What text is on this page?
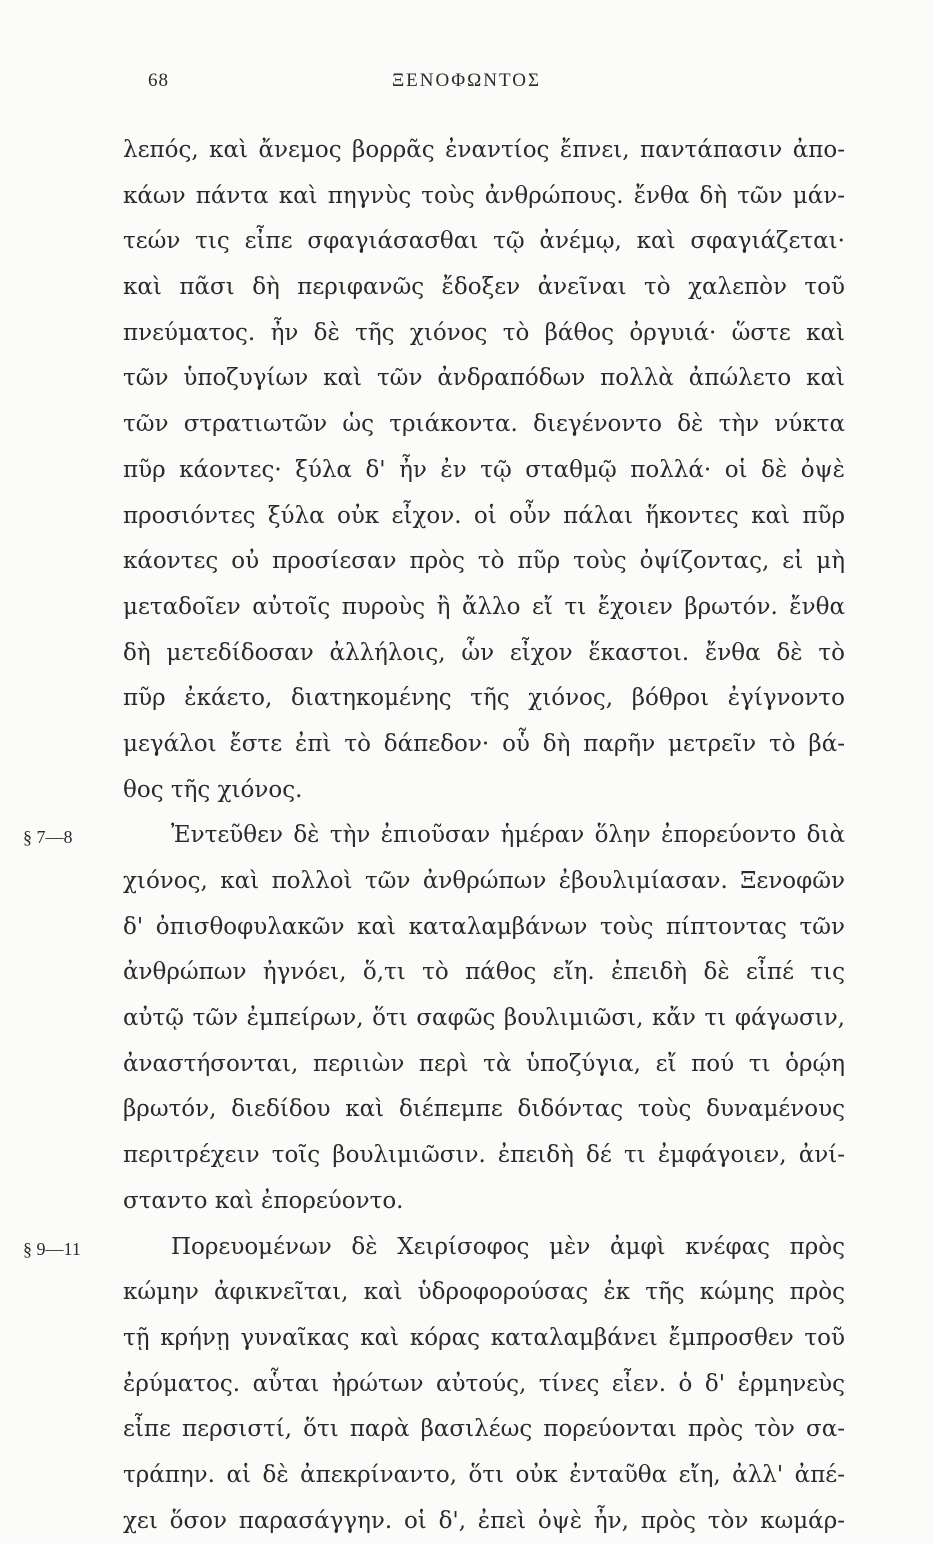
68	ΞΕΝΟΦΩΝΤΟΣ
λεπός, καὶ ἄνεμος βορρᾶς ἐναντίος ἔπνει, παντάπασιν ἀπο-
κάων πάντα καὶ πηγνὺς τοὺς ἀνθρώπους. ἔνθα δὴ τῶν μάν-
τεών τις εἶπε σφαγιάσασθαι τῷ ἀνέμῳ, καὶ σφαγιάζεται·
καὶ πᾶσι δὴ περιφανῶς ἔδοξεν ἀνεῖναι τὸ χαλεπὸν τοῦ
πνεύματος. ἦν δὲ τῆς χιόνος τὸ βάθος ὀργυιά· ὥστε καὶ
τῶν ὑποζυγίων καὶ τῶν ἀνδραπόδων πολλὰ ἀπώλετο καὶ
τῶν στρατιωτῶν ὡς τριάκοντα. διεγένοντο δὲ τὴν νύκτα
πῦρ κάοντες· ξύλα δ' ἦν ἐν τῷ σταθμῷ πολλά· οἱ δὲ ὀψὲ
προσιόντες ξύλα οὐκ εἶχον. οἱ οὖν πάλαι ἥκοντες καὶ πῦρ
κάοντες οὐ προσίεσαν πρὸς τὸ πῦρ τοὺς ὀψίζοντας, εἰ μὴ
μεταδοῖεν αὐτοῖς πυροὺς ἢ ἄλλο εἴ τι ἔχοιεν βρωτόν. ἔνθα
δὴ μετεδίδοσαν ἀλλήλοις, ὧν εἶχον ἕκαστοι. ἔνθα δὲ τὸ
πῦρ ἐκάετο, διατηκομένης τῆς χιόνος, βόθροι ἐγίγνοντο
μεγάλοι ἔστε ἐπὶ τὸ δάπεδον· οὗ δὴ παρῆν μετρεῖν τὸ βά-
θος τῆς χιόνος.
§ 7—8	Ἐντεῦθεν δὲ τὴν ἐπιοῦσαν ἡμέραν ὅλην ἐπορεύοντο διὰ
χιόνος, καὶ πολλοὶ τῶν ἀνθρώπων ἐβουλιμίασαν. Ξενοφῶν
δ' ὀπισθοφυλακῶν καὶ καταλαμβάνων τοὺς πίπτοντας τῶν
ἀνθρώπων ἠγνόει, ὅ,τι τὸ πάθος εἴη. ἐπειδὴ δὲ εἶπέ τις
αὐτῷ τῶν ἐμπείρων, ὅτι σαφῶς βουλιμιῶσι, κἄν τι φάγωσιν,
ἀναστήσονται, περιιὼν περὶ τὰ ὑποζύγια, εἴ πού τι ὁρῴη
βρωτόν, διεδίδου καὶ διέπεμπε διδόντας τοὺς δυναμένους
περιτρέχειν τοῖς βουλιμιῶσιν. ἐπειδὴ δέ τι ἐμφάγοιεν, ἀνί-
σταντο καὶ ἐπορεύοντο.
§ 9—11	Πορευομένων δὲ Χειρίσοφος μὲν ἀμφὶ κνέφας πρὸς
κώμην ἀφικνεῖται, καὶ ὑδροφορούσας ἐκ τῆς κώμης πρὸς
τῇ κρήνῃ γυναῖκας καὶ κόρας καταλαμβάνει ἔμπροσθεν τοῦ
ἐρύματος. αὗται ἠρώτων αὐτούς, τίνες εἶεν. ὁ δ' ἑρμηνεὺς
εἶπε περσιστί, ὅτι παρὰ βασιλέως πορεύονται πρὸς τὸν σα-
τράπην. αἱ δὲ ἀπεκρίναντο, ὅτι οὐκ ἐνταῦθα εἴη, ἀλλ' ἀπέ-
χει ὅσον παρασάγγην. οἱ δ', ἐπεὶ ὀψὲ ἦν, πρὸς τὸν κωμάρ-
